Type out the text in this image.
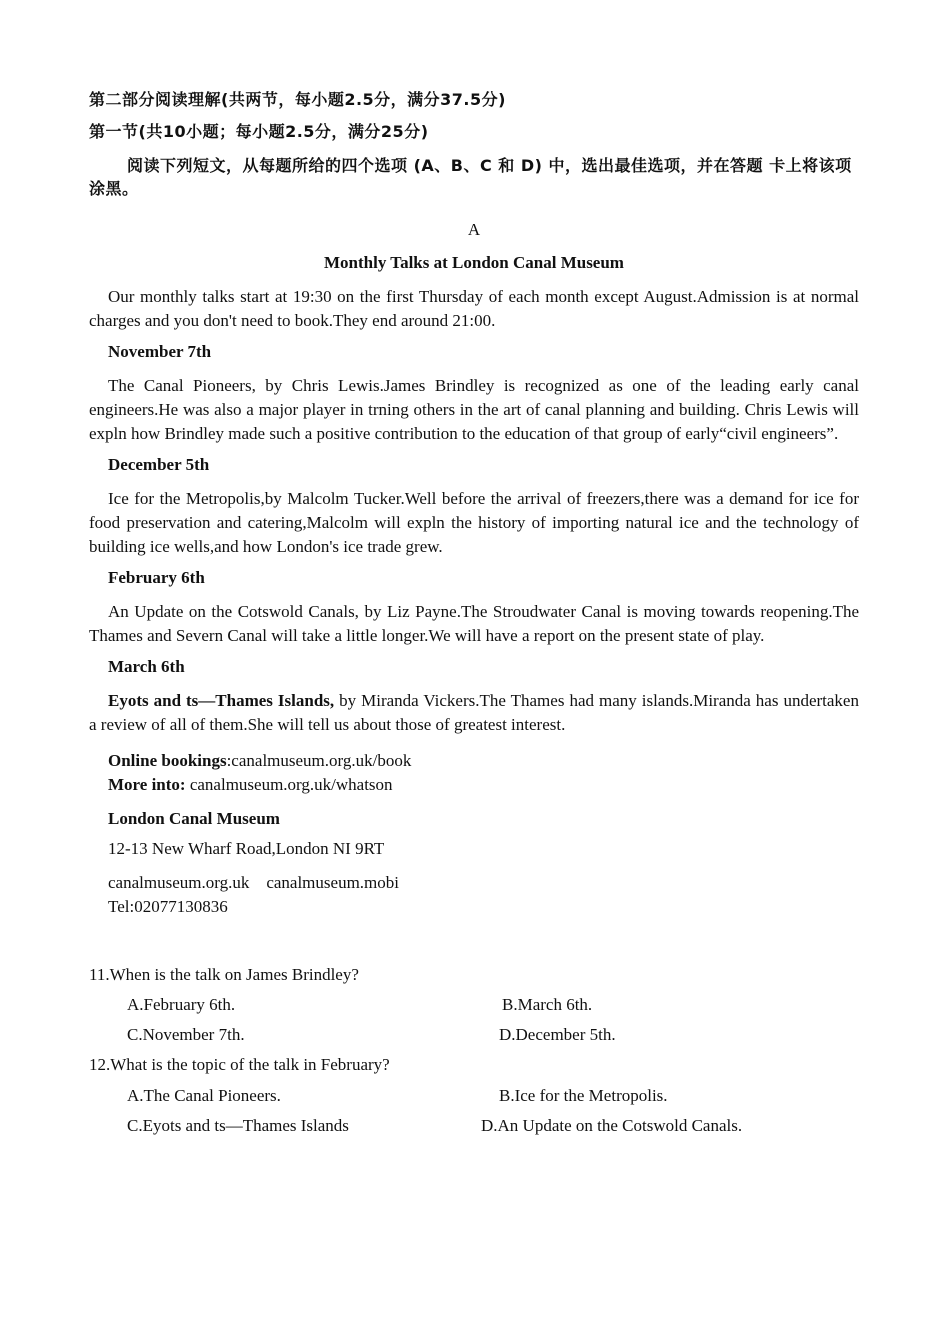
第二部分阅读理解(共两节，每小题2.5分，满分37.5分)

第一节(共10小题；每小题2.5分，满分25分)

阅读下列短文，从每题所给的四个选项 (A、B、C 和 D) 中，选出最佳选项，并在答题 卡上将该项涂黑。

A
Monthly Talks at London Canal Museum

Our monthly talks start at 19:30 on the first Thursday of each month except August.Admission is at normal charges and you don't need to book.They end around 21:00.

November 7th

The Canal Pioneers, by Chris Lewis.James Brindley is recognized as one of the leading early canal engineers.He was also a major player in trning others in the art of canal planning and building. Chris Lewis will expln how Brindley made such a positive contribution to the education of that group of early“civil engineers”.

December 5th

Ice for the Metropolis,by Malcolm Tucker.Well before the arrival of freezers,there was a demand for ice for food preservation and catering,Malcolm will expln the history of importing natural ice and the technology of building ice wells,and how London's ice trade grew.

February 6th

An Update on the Cotswold Canals, by Liz Payne.The Stroudwater Canal is moving towards reopening.The Thames and Severn Canal will take a little longer.We will have a report on the present state of play.

March 6th

Eyots and ts—Thames Islands, by Miranda Vickers.The Thames had many islands.Miranda has undertaken a review of all of them.She will tell us about those of greatest interest.

Online bookings:canalmuseum.org.uk/book
More into: canalmuseum.org.uk/whatson
London Canal Museum
12-13 New Wharf Road,London NI 9RT
canalmuseum.org.uk    canalmuseum.mobi
Tel:02077130836

11.When is the talk on James Brindley?

A.February 6th.	B.March 6th.
C.November 7th.	D.December 5th.

12.What is the topic of the talk in February?

A.The Canal Pioneers.	B.Ice for the Metropolis.
C.Eyots and ts—Thames Islands	D.An Update on the Cotswold Canals.
